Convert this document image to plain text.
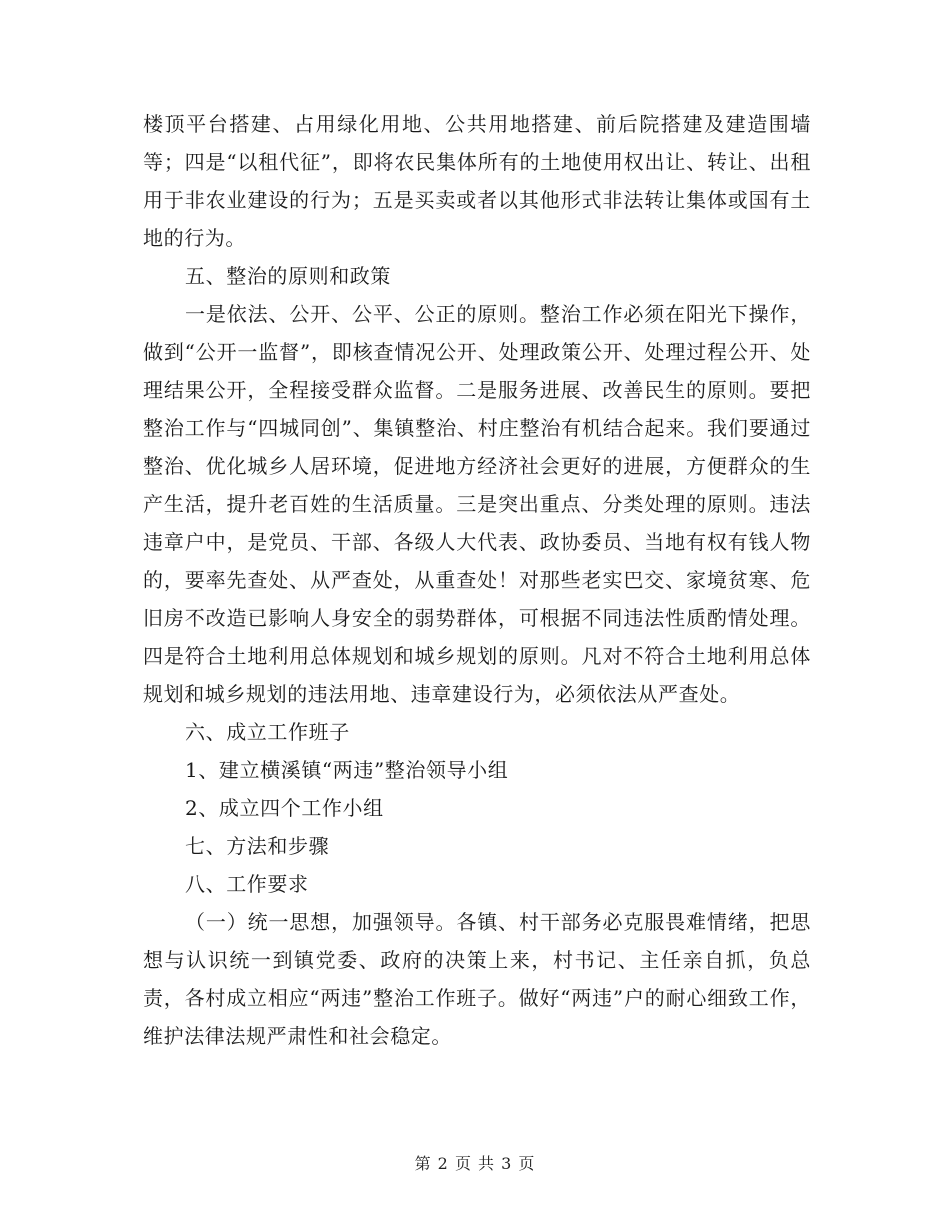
楼顶平台搭建、占用绿化用地、公共用地搭建、前后院搭建及建造围墙等；四是“以租代征”，即将农民集体所有的土地使用权出让、转让、出租用于非农业建设的行为；五是买卖或者以其他形式非法转让集体或国有土地的行为。

五、整治的原则和政策

一是依法、公开、公平、公正的原则。整治工作必须在阳光下操作，做到“公开一监督”，即核查情况公开、处理政策公开、处理过程公开、处理结果公开，全程接受群众监督。二是服务进展、改善民生的原则。要把整治工作与“四城同创”、集镇整治、村庄整治有机结合起来。我们要通过整治、优化城乡人居环境，促进地方经济社会更好的进展，方便群众的生产生活，提升老百姓的生活质量。三是突出重点、分类处理的原则。违法违章户中，是党员、干部、各级人大代表、政协委员、当地有权有钱人物的，要率先查处、从严查处，从重查处！对那些老实巴交、家境贫寒、危旧房不改造已影响人身安全的弱势群体，可根据不同违法性质酌情处理。四是符合土地利用总体规划和城乡规划的原则。凡对不符合土地利用总体规划和城乡规划的违法用地、违章建设行为，必须依法从严查处。

六、成立工作班子

1、建立横溪镇“两违”整治领导小组

2、成立四个工作小组

七、方法和步骤

八、工作要求

（一）统一思想，加强领导。各镇、村干部务必克服畏难情绪，把思想与认识统一到镇党委、政府的决策上来，村书记、主任亲自抓，负总责，各村成立相应“两违”整治工作班子。做好“两违”户的耐心细致工作，维护法律法规严肃性和社会稳定。

第 2 页 共 3 页
